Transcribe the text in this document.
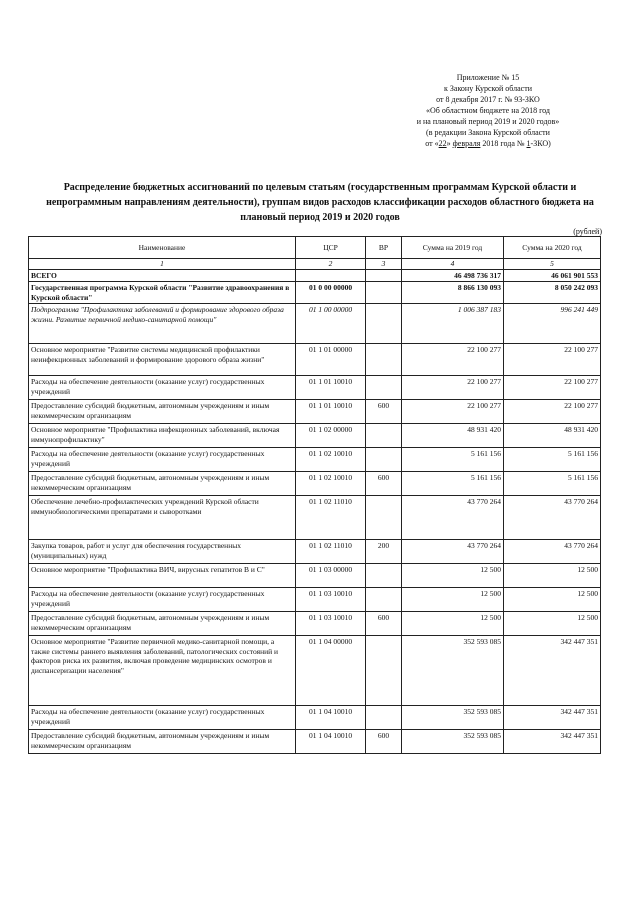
Приложение № 15
к Закону Курской области
от 8 декабря 2017 г. № 93-ЗКО
«Об областном бюджете на 2018 год
и на плановый период 2019 и 2020 годов»
(в редакции Закона Курской области
от «22» февраля 2018 года № 1-ЗКО)
Распределение бюджетных ассигнований по целевым статьям (государственным программам Курской области и непрограммным направлениям деятельности), группам видов расходов классификации расходов областного бюджета на плановый период 2019 и 2020 годов
(рублей)
Наименование	ЦСР	ВР	Сумма на 2019 год	Сумма на 2020 год
1	2	3	4	5
ВСЕГО			46 498 736 317	46 061 901 553
Государственная программа Курской области "Развитие здравоохранения в Курской области"	01 0 00 00000		8 866 130 093	8 050 242 093
Подпрограмма "Профилактика заболеваний и формирование здорового образа жизни. Развитие первичной медико-санитарной помощи"	01 1 00 00000		1 006 387 183	996 241 449
Основное мероприятие "Развитие системы медицинской профилактики неинфекционных заболеваний и формирование здорового образа жизни"	01 1 01 00000		22 100 277	22 100 277
Расходы на обеспечение деятельности (оказание услуг) государственных учреждений	01 1 01 10010		22 100 277	22 100 277
Предоставление субсидий бюджетным, автономным учреждениям и иным некоммерческим организациям	01 1 01 10010	600	22 100 277	22 100 277
Основное мероприятие "Профилактика инфекционных заболеваний, включая иммунопрофилактику"	01 1 02 00000		48 931 420	48 931 420
Расходы на обеспечение деятельности (оказание услуг) государственных учреждений	01 1 02 10010		5 161 156	5 161 156
Предоставление субсидий бюджетным, автономным учреждениям и иным некоммерческим организациям	01 1 02 10010	600	5 161 156	5 161 156
Обеспечение лечебно-профилактических учреждений Курской области иммунобиологическими препаратами и сыворотками	01 1 02 11010		43 770 264	43 770 264
Закупка товаров, работ и услуг для обеспечения государственных (муниципальных) нужд	01 1 02 11010	200	43 770 264	43 770 264
Основное мероприятие "Профилактика ВИЧ, вирусных гепатитов В и С"	01 1 03 00000		12 500	12 500
Расходы на обеспечение деятельности (оказание услуг) государственных учреждений	01 1 03 10010		12 500	12 500
Предоставление субсидий бюджетным, автономным учреждениям и иным некоммерческим организациям	01 1 03 10010	600	12 500	12 500
Основное мероприятие "Развитие первичной медико-санитарной помощи, а также системы раннего выявления заболеваний, патологических состояний и факторов риска их развития, включая проведение медицинских осмотров и диспансеризации населения"	01 1 04 00000		352 593 085	342 447 351
Расходы на обеспечение деятельности (оказание услуг) государственных учреждений	01 1 04 10010		352 593 085	342 447 351
Предоставление субсидий бюджетным, автономным учреждениям и иным некоммерческим организациям	01 1 04 10010	600	352 593 085	342 447 351
